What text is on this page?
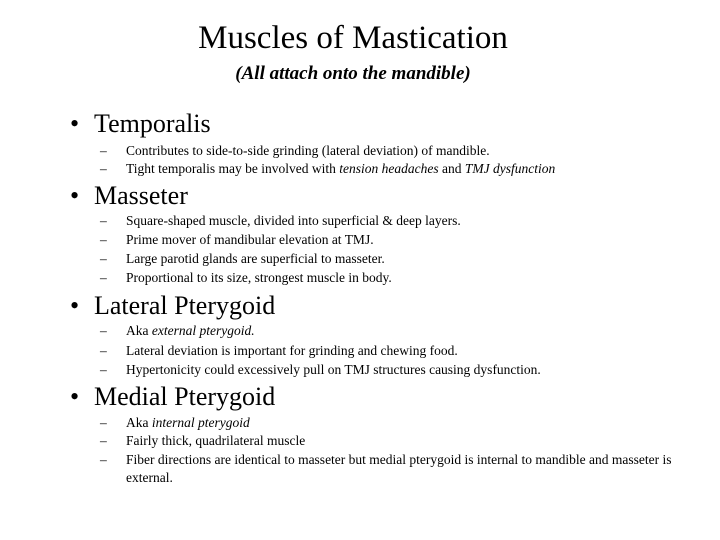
Muscles of Mastication
(All attach onto the mandible)
• Temporalis
– Contributes to side-to-side grinding (lateral deviation) of mandible.
– Tight temporalis may be involved with tension headaches and TMJ dysfunction
• Masseter
– Square-shaped muscle, divided into superficial & deep layers.
– Prime mover of mandibular elevation at TMJ.
– Large parotid glands are superficial to masseter.
– Proportional to its size, strongest muscle in body.
• Lateral Pterygoid
– Aka external pterygoid.
– Lateral deviation is important for grinding and chewing food.
– Hypertonicity could excessively pull on TMJ structures causing dysfunction.
• Medial Pterygoid
– Aka internal pterygoid
– Fairly thick, quadrilateral muscle
– Fiber directions are identical to masseter but medial pterygoid is internal to mandible and masseter is external.
